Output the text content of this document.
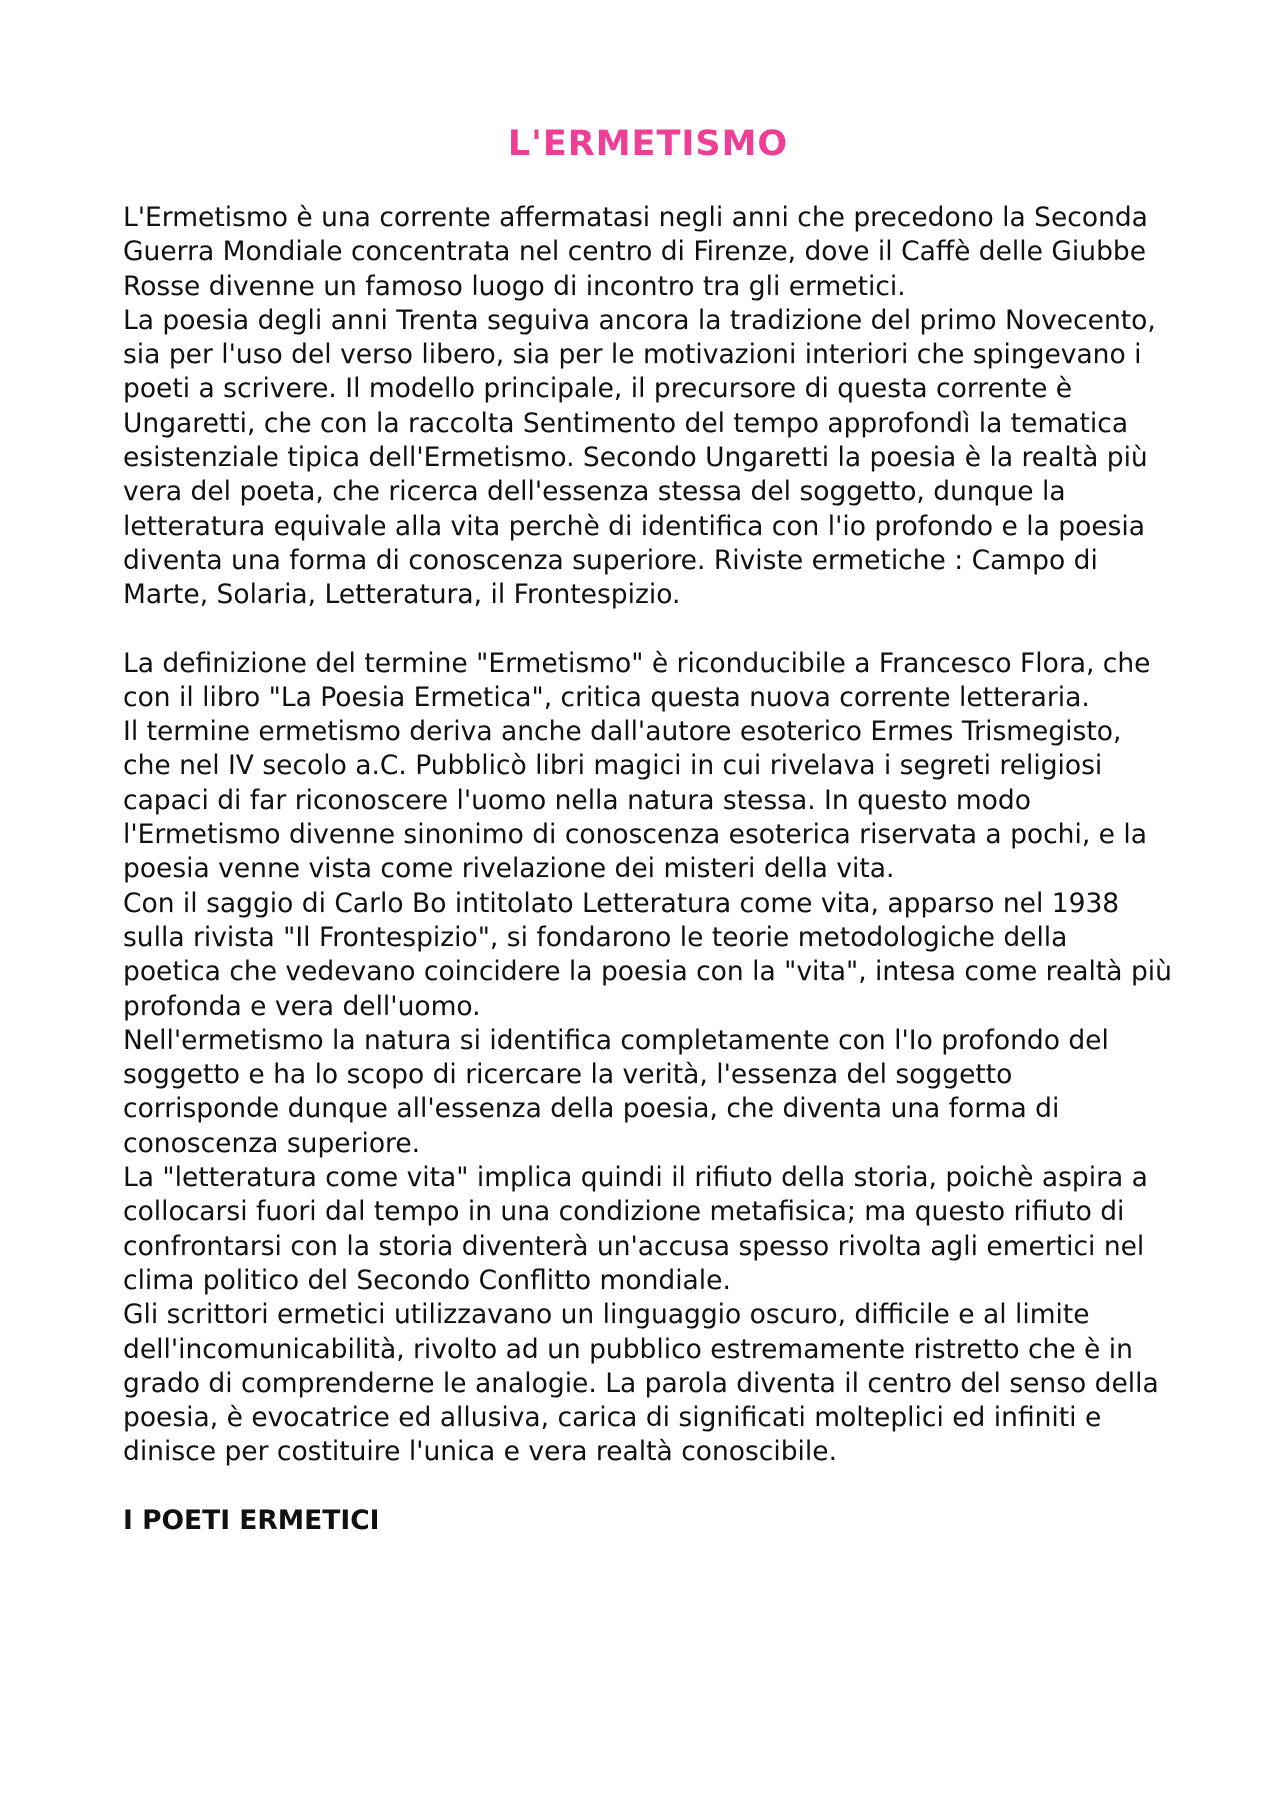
L'ERMETISMO

L'Ermetismo è una corrente affermatasi negli anni che precedono la Seconda Guerra Mondiale concentrata nel centro di Firenze, dove il Caffè delle Giubbe Rosse divenne un famoso luogo di incontro tra gli ermetici.

La poesia degli anni Trenta seguiva ancora la tradizione del primo Novecento, sia per l'uso del verso libero, sia per le motivazioni interiori che spingevano i poeti a scrivere. Il modello principale, il precursore di questa corrente è Ungaretti, che con la raccolta Sentimento del tempo approfondì la tematica esistenziale tipica dell'Ermetismo. Secondo Ungaretti la poesia è la realtà più vera del poeta, che ricerca dell'essenza stessa del soggetto, dunque la letteratura equivale alla vita perchè di identifica con l'io profondo e la poesia diventa una forma di conoscenza superiore. Riviste ermetiche : Campo di Marte, Solaria, Letteratura, il Frontespizio.

La definizione del termine "Ermetismo" è riconducibile a Francesco Flora, che con il libro "La Poesia Ermetica", critica questa nuova corrente letteraria.

Il termine ermetismo deriva anche dall'autore esoterico Ermes Trismegisto, che nel IV secolo a.C. Pubblicò libri magici in cui rivelava i segreti religiosi capaci di far riconoscere l'uomo nella natura stessa. In questo modo l'Ermetismo divenne sinonimo di conoscenza esoterica riservata a pochi, e la poesia venne vista come rivelazione dei misteri della vita.

Con il saggio di Carlo Bo intitolato Letteratura come vita, apparso nel 1938 sulla rivista "Il Frontespizio", si fondarono le teorie metodologiche della poetica che vedevano coincidere la poesia con la "vita", intesa come realtà più profonda e vera dell'uomo.

Nell'ermetismo la natura si identifica completamente con l'Io profondo del soggetto e ha lo scopo di ricercare la verità, l'essenza del soggetto corrisponde dunque all'essenza della poesia, che diventa una forma di conoscenza superiore.

La "letteratura come vita" implica quindi il rifiuto della storia, poichè aspira a collocarsi fuori dal tempo in una condizione metafisica; ma questo rifiuto di confrontarsi con la storia diventerà un'accusa spesso rivolta agli emertici nel clima politico del Secondo Conflitto mondiale.

Gli scrittori ermetici utilizzavano un linguaggio oscuro, difficile e al limite dell'incomunicabilità, rivolto ad un pubblico estremamente ristretto che è in grado di comprenderne le analogie. La parola diventa il centro del senso della poesia, è evocatrice ed allusiva, carica di significati molteplici ed infiniti e dinisce per costituire l'unica e vera realtà conoscibile.

I POETI ERMETICI
